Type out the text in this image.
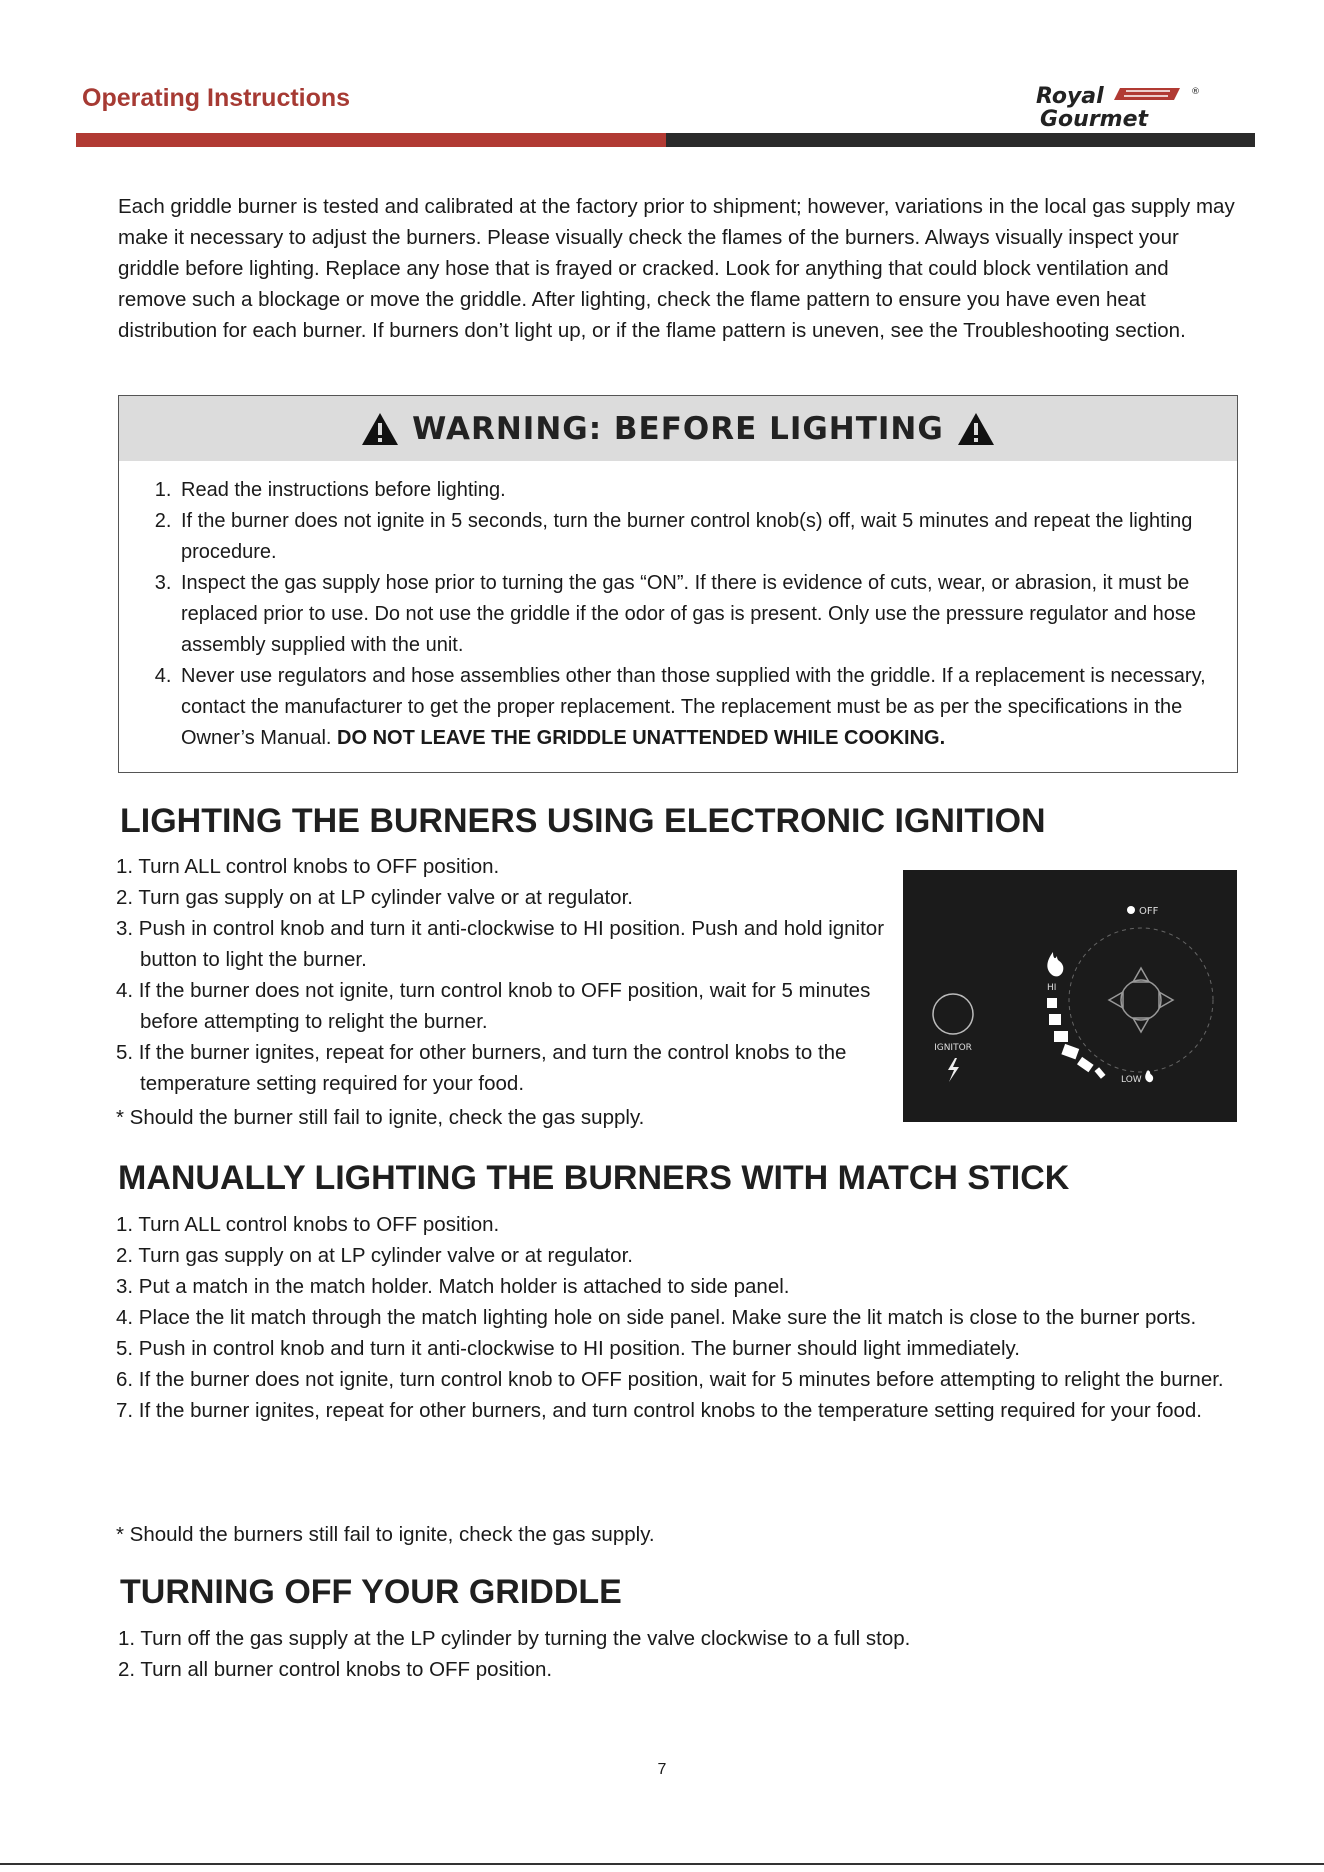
Operating Instructions	Royal	®
Gourmet

Each griddle burner is tested and calibrated at the factory prior to shipment; however, variations in the local gas supply may make it necessary to adjust the burners. Please visually check the flames of the burners. Always visually inspect your griddle before lighting. Replace any hose that is frayed or cracked. Look for anything that could block ventilation and remove such a blockage or move the griddle. After lighting, check the flame pattern to ensure you have even heat distribution for each burner. If burners don’t light up, or if the flame pattern is uneven, see the Troubleshooting section.

WARNING: BEFORE LIGHTING
1. Read the instructions before lighting.
2. If the burner does not ignite in 5 seconds, turn the burner control knob(s) off, wait 5 minutes and repeat the lighting procedure.
3. Inspect the gas supply hose prior to turning the gas “ON”. If there is evidence of cuts, wear, or abrasion, it must be replaced prior to use. Do not use the griddle if the odor of gas is present. Only use the pressure regulator and hose assembly supplied with the unit.
4. Never use regulators and hose assemblies other than those supplied with the griddle. If a replacement is necessary, contact the manufacturer to get the proper replacement. The replacement must be as per the specifications in the Owner’s Manual. DO NOT LEAVE THE GRIDDLE UNATTENDED WHILE COOKING.
LIGHTING THE BURNERS USING ELECTRONIC IGNITION
1. Turn ALL control knobs to OFF position.
2. Turn gas supply on at LP cylinder valve or at regulator.
3. Push in control knob and turn it anti-clockwise to HI position. Push and hold ignitor button to light the burner.
4. If the burner does not ignite, turn control knob to OFF position, wait for 5 minutes before attempting to relight the burner.
5. If the burner ignites, repeat for other burners, and turn the control knobs to the temperature setting required for your food.

* Should the burner still fail to ignite, check the gas supply.

IGNITOR
OFF
HI
LOW
MANUALLY LIGHTING THE BURNERS WITH MATCH STICK
1. Turn ALL control knobs to OFF position.
2. Turn gas supply on at LP cylinder valve or at regulator.
3. Put a match in the match holder. Match holder is attached to side panel.
4. Place the lit match through the match lighting hole on side panel. Make sure the lit match is close to the burner ports.
5. Push in control knob and turn it anti-clockwise to HI position. The burner should light immediately.
6. If the burner does not ignite, turn control knob to OFF position, wait for 5 minutes before attempting to relight the burner.
7. If the burner ignites, repeat for other burners, and turn control knobs to the temperature setting required for your food.

* Should the burners still fail to ignite, check the gas supply.

TURNING OFF YOUR GRIDDLE
1. Turn off the gas supply at the LP cylinder by turning the valve clockwise to a full stop.
2. Turn all burner control knobs to OFF position.
7
